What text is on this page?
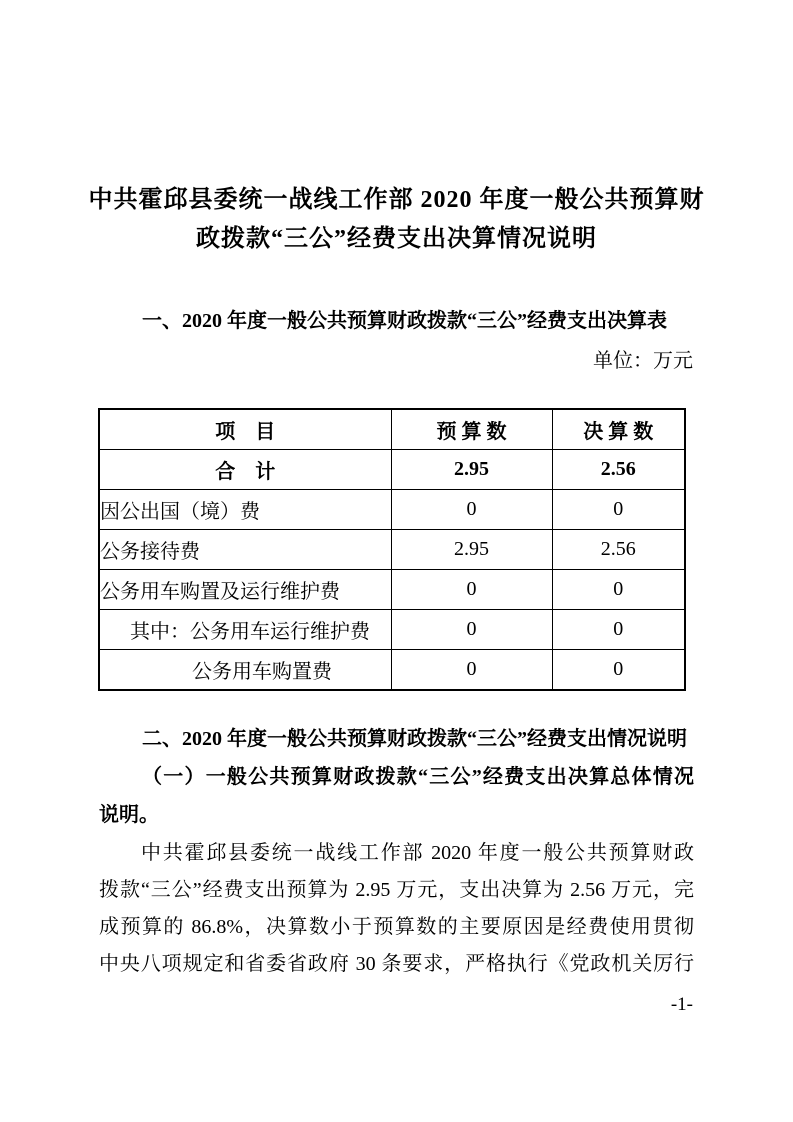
中共霍邱县委统一战线工作部 2020 年度一般公共预算财
政拨款“三公”经费支出决算情况说明
一、2020 年度一般公共预算财政拨款“三公”经费支出决算表
单位：万元
项　目	预 算 数	决 算 数
合　计	2.95	2.56
因公出国（境）费	0	0
公务接待费	2.95	2.56
公务用车购置及运行维护费	0	0
其中：公务用车运行维护费	0	0
公务用车购置费	0	0
二、2020 年度一般公共预算财政拨款“三公”经费支出情况说明
（一）一般公共预算财政拨款“三公”经费支出决算总体情况
说明。
中共霍邱县委统一战线工作部 2020 年度一般公共预算财政
拨款“三公”经费支出预算为 2.95 万元，支出决算为 2.56 万元，完
成预算的 86.8%，决算数小于预算数的主要原因是经费使用贯彻
中央八项规定和省委省政府 30 条要求，严格执行《党政机关厉行
-1-
